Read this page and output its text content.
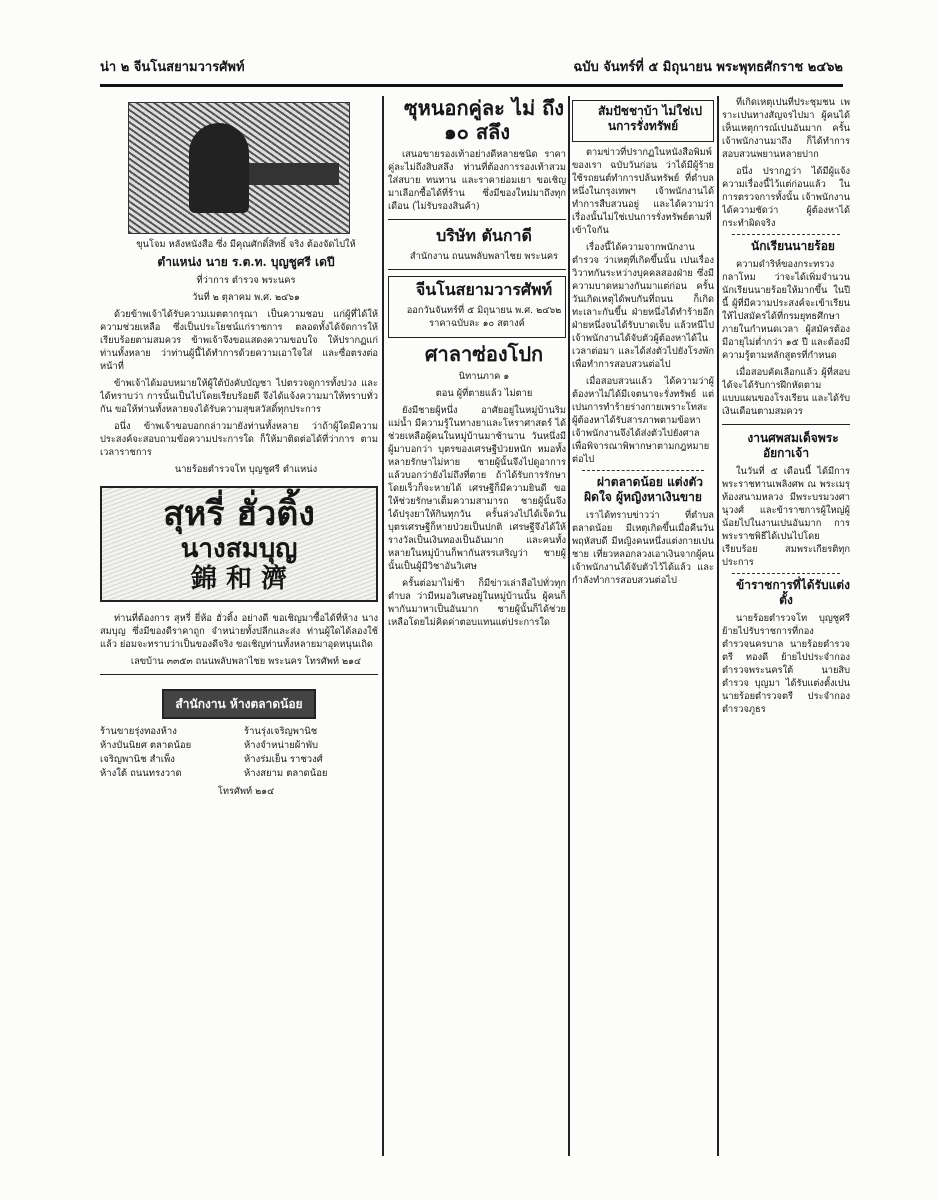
น่า ๒ จีนโนสยามวารศัพท์	ฉบับ จันทร์ที่ ๕ มิถุนายน พระพุทธศักราช ๒๔๖๒

ขุนโจม หลังหนังสือ ซึ่ง มีคุณศักดิ์สิทธิ์ จริง ต้องจัดไปให้

ตำแหน่ง นาย ร.ต.ท. บุญชูศรี เดปี

ที่ว่าการ ตำรวจ พระนคร

วันที่ ๒ ตุลาคม พ.ศ. ๒๔๖๑

ด้วยข้าพเจ้าได้รับความเมตตากรุณา เป็นความชอบ แก่ผู้ที่ได้ให้ความช่วยเหลือ ซึ่งเป็นประโยชน์แก่ราชการ ตลอดทั้งได้จัดการให้เรียบร้อยตามสมควร ข้าพเจ้าจึงขอแสดงความขอบใจ ให้ปรากฏแก่ท่านทั้งหลาย ว่าท่านผู้นี้ได้ทำการด้วยความเอาใจใส่ และซื่อตรงต่อหน้าที่

ข้าพเจ้าได้มอบหมายให้ผู้ใต้บังคับบัญชา ไปตรวจดูการทั้งปวง และได้ทราบว่า การนั้นเป็นไปโดยเรียบร้อยดี จึงได้แจ้งความมาให้ทราบทั่วกัน ขอให้ท่านทั้งหลายจงได้รับความสุขสวัสดิ์ทุกประการ

อนึ่ง ข้าพเจ้าขอบอกกล่าวมายังท่านทั้งหลาย ว่าถ้าผู้ใดมีความประสงค์จะสอบถามข้อความประการใด ก็ให้มาติดต่อได้ที่ว่าการ ตามเวลาราชการ

นายร้อยตำรวจโท บุญชูศรี ตำแหน่ง

สุหรี่ ฮั่วติ้ง
นางสมบุญ
錦 和 濟

ท่านที่ต้องการ สุหรี่ ยี่ห้อ ฮั่วติ้ง อย่างดี ขอเชิญมาซื้อได้ที่ห้าง นางสมบุญ ซึ่งมีของดีราคาถูก จำหน่ายทั้งปลีกและส่ง ท่านผู้ใดได้ลองใช้แล้ว ย่อมจะทราบว่าเป็นของดีจริง ขอเชิญท่านทั้งหลายมาอุดหนุนเถิด

เลขบ้าน ๓๓๕๓ ถนนพลับพลาไชย พระนคร โทรศัพท์ ๒๑๔

สำนักงาน ห้างตลาดน้อย
ร้านขายรุ่งทองห้าง	ร้านรุ่งเจริญพานิช
ห้างบันนิยศ ตลาดน้อย	ห้างจำหน่ายผ้าพับ
เจริญพานิช สำเพ็ง	ห้างร่มเย็น ราชวงศ์
ห้างใต้ ถนนทรงวาด	ห้างสยาม ตลาดน้อย

โทรศัพท์ ๒๑๔

ซุหนอกคู่ละ ไม่ ถึง ๑๐ สลึง

เสนอขายรองเท้าอย่างดีหลายชนิด ราคาคู่ละไม่ถึงสิบสลึง ท่านที่ต้องการรองเท้าสวมใส่สบาย ทนทาน และราคาย่อมเยา ขอเชิญมาเลือกซื้อได้ที่ร้าน ซึ่งมีของใหม่มาถึงทุกเดือน (ไม่รับรองสินค้า)

บริษัท ตันกาดี

สำนักงาน ถนนพลับพลาไชย พระนคร

จีนโนสยามวารศัพท์

ออกวันจันทร์ที่ ๕ มิถุนายน พ.ศ. ๒๔๖๒ ราคาฉบับละ ๑๐ สตางค์

ศาลาซ่องโปก

นิทานภาค ๑

ตอน ผู้ที่ตายแล้ว ไม่ตาย

ยังมีชายผู้หนึ่ง อาศัยอยู่ในหมู่บ้านริมแม่น้ำ มีความรู้ในทางยาและโหราศาสตร์ ได้ช่วยเหลือผู้คนในหมู่บ้านมาช้านาน วันหนึ่งมีผู้มาบอกว่า บุตรของเศรษฐีป่วยหนัก หมอทั้งหลายรักษาไม่หาย ชายผู้นั้นจึงไปดูอาการ แล้วบอกว่ายังไม่ถึงที่ตาย ถ้าได้รับการรักษาโดยเร็วก็จะหายได้ เศรษฐีก็มีความยินดี ขอให้ช่วยรักษาเต็มความสามารถ ชายผู้นั้นจึงได้ปรุงยาให้กินทุกวัน ครั้นล่วงไปได้เจ็ดวัน บุตรเศรษฐีก็หายป่วยเป็นปกติ เศรษฐีจึงได้ให้รางวัลเป็นเงินทองเป็นอันมาก และคนทั้งหลายในหมู่บ้านก็พากันสรรเสริญว่า ชายผู้นั้นเป็นผู้มีวิชาอันวิเศษ

ครั้นต่อมาไม่ช้า ก็มีข่าวเล่าลือไปทั่วทุกตำบล ว่ามีหมอวิเศษอยู่ในหมู่บ้านนั้น ผู้คนก็พากันมาหาเป็นอันมาก ชายผู้นั้นก็ได้ช่วยเหลือโดยไม่คิดค่าตอบแทนแต่ประการใด

สัมปัชชาบ้า ไม่ใช่เปนการรั่งทรัพย์

ตามข่าวที่ปรากฏในหนังสือพิมพ์ของเรา ฉบับวันก่อน ว่าได้มีผู้ร้ายใช้รถยนต์ทำการปล้นทรัพย์ ที่ตำบลหนึ่งในกรุงเทพฯ เจ้าพนักงานได้ทำการสืบสวนอยู่ และได้ความว่า เรื่องนั้นไม่ใช่เปนการรั่งทรัพย์ตามที่เข้าใจกัน

เรื่องนี้ได้ความจากพนักงานตำรวจ ว่าเหตุที่เกิดขึ้นนั้น เปนเรื่องวิวาทกันระหว่างบุคคลสองฝ่าย ซึ่งมีความบาดหมางกันมาแต่ก่อน ครั้นวันเกิดเหตุได้พบกันที่ถนน ก็เกิดทะเลาะกันขึ้น ฝ่ายหนึ่งได้ทำร้ายอีกฝ่ายหนึ่งจนได้รับบาดเจ็บ แล้วหนีไป เจ้าพนักงานได้จับตัวผู้ต้องหาได้ในเวลาต่อมา และได้ส่งตัวไปยังโรงพัก เพื่อทำการสอบสวนต่อไป

เมื่อสอบสวนแล้ว ได้ความว่าผู้ต้องหาไม่ได้มีเจตนาจะรั่งทรัพย์ แต่เปนการทำร้ายร่างกายเพราะโทสะ ผู้ต้องหาได้รับสารภาพตามข้อหา เจ้าพนักงานจึงได้ส่งตัวไปยังศาล เพื่อพิจารณาพิพากษาตามกฎหมายต่อไป

ผ่าตลาดน้อย แต่งตัวผิดใจ ผู้หญิงหาเงินขาย

เราได้ทราบข่าวว่า ที่ตำบลตลาดน้อย มีเหตุเกิดขึ้นเมื่อคืนวันพฤหัสบดี มีหญิงคนหนึ่งแต่งกายเปนชาย เที่ยวหลอกลวงเอาเงินจากผู้คน เจ้าพนักงานได้จับตัวไว้ได้แล้ว และกำลังทำการสอบสวนต่อไป

ที่เกิดเหตุเปนที่ประชุมชน เพราะเปนทางสัญจรไปมา ผู้คนได้เห็นเหตุการณ์เปนอันมาก ครั้นเจ้าพนักงานมาถึง ก็ได้ทำการสอบสวนพยานหลายปาก

อนึ่ง ปรากฏว่า ได้มีผู้แจ้งความเรื่องนี้ไว้แต่ก่อนแล้ว ในการตรวจการทั้งนั้น เจ้าพนักงานได้ความชัดว่า ผู้ต้องหาได้กระทำผิดจริง

นักเรียนนายร้อย

ความดำริห์ของกระทรวงกลาโหม ว่าจะได้เพิ่มจำนวนนักเรียนนายร้อยให้มากขึ้น ในปีนี้ ผู้ที่มีความประสงค์จะเข้าเรียน ให้ไปสมัครได้ที่กรมยุทธศึกษา ภายในกำหนดเวลา ผู้สมัครต้องมีอายุไม่ต่ำกว่า ๑๕ ปี และต้องมีความรู้ตามหลักสูตรที่กำหนด

เมื่อสอบคัดเลือกแล้ว ผู้ที่สอบได้จะได้รับการฝึกหัดตามแบบแผนของโรงเรียน และได้รับเงินเดือนตามสมควร

งานศพสมเด็จพระอัยกาเจ้า

ในวันที่ ๕ เดือนนี้ ได้มีการพระราชทานเพลิงศพ ณ พระเมรุ ท้องสนามหลวง มีพระบรมวงศานุวงศ์ และข้าราชการผู้ใหญ่ผู้น้อยไปในงานเปนอันมาก การพระราชพิธีได้เปนไปโดยเรียบร้อย สมพระเกียรติทุกประการ

ข้าราชการที่ได้รับแต่งตั้ง

นายร้อยตำรวจโท บุญชูศรี ย้ายไปรับราชการที่กองตำรวจนครบาล นายร้อยตำรวจตรี ทองดี ย้ายไปประจำกองตำรวจพระนครใต้ นายสิบตำรวจ บุญมา ได้รับแต่งตั้งเปนนายร้อยตำรวจตรี ประจำกองตำรวจภูธร
